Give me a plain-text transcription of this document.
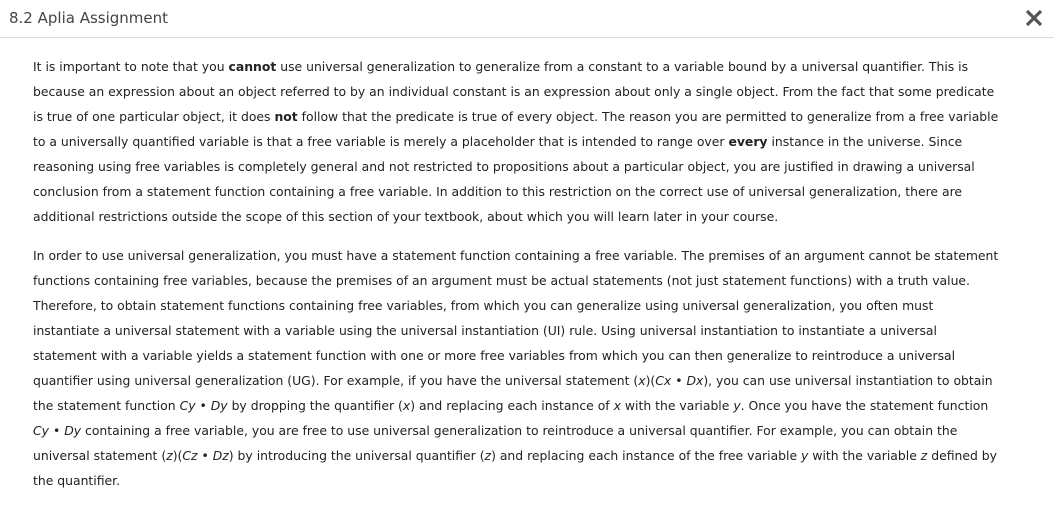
8.2 Aplia Assignment

It is important to note that you cannot use universal generalization to generalize from a constant to a variable bound by a universal quantifier. This is because an expression about an object referred to by an individual constant is an expression about only a single object. From the fact that some predicate is true of one particular object, it does not follow that the predicate is true of every object. The reason you are permitted to generalize from a free variable to a universally quantified variable is that a free variable is merely a placeholder that is intended to range over every instance in the universe. Since reasoning using free variables is completely general and not restricted to propositions about a particular object, you are justified in drawing a universal conclusion from a statement function containing a free variable. In addition to this restriction on the correct use of universal generalization, there are additional restrictions outside the scope of this section of your textbook, about which you will learn later in your course.

In order to use universal generalization, you must have a statement function containing a free variable. The premises of an argument cannot be statement functions containing free variables, because the premises of an argument must be actual statements (not just statement functions) with a truth value. Therefore, to obtain statement functions containing free variables, from which you can generalize using universal generalization, you often must instantiate a universal statement with a variable using the universal instantiation (UI) rule. Using universal instantiation to instantiate a universal statement with a variable yields a statement function with one or more free variables from which you can then generalize to reintroduce a universal quantifier using universal generalization (UG). For example, if you have the universal statement (x)(Cx • Dx), you can use universal instantiation to obtain the statement function Cy • Dy by dropping the quantifier (x) and replacing each instance of x with the variable y. Once you have the statement function Cy • Dy containing a free variable, you are free to use universal generalization to reintroduce a universal quantifier. For example, you can obtain the universal statement (z)(Cz • Dz) by introducing the universal quantifier (z) and replacing each instance of the free variable y with the variable z defined by the quantifier.
